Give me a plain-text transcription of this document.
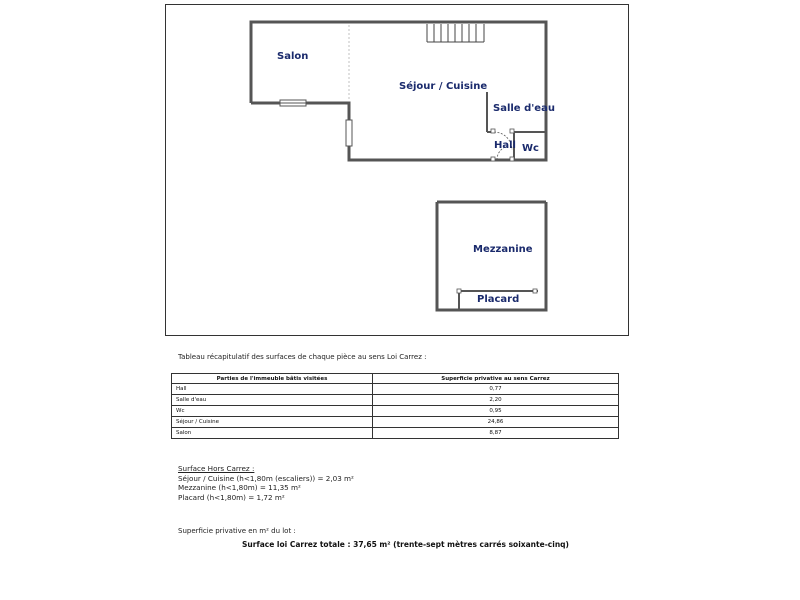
Salon
Séjour / Cuisine
Salle d'eau
Hall Wc
Mezzanine
Placard
Tableau récapitulatif des surfaces de chaque pièce au sens Loi Carrez :
Parties de l'immeuble bâtis visitées	Superficie privative au sens Carrez
Hall	0,77
Salle d'eau	2,20
Wc	0,95
Séjour / Cuisine	24,86
Salon	8,87
Surface Hors Carrez :
Séjour / Cuisine (h<1,80m (escaliers)) = 2,03 m²
Mezzanine (h<1,80m) = 11,35 m²
Placard (h<1,80m) = 1,72 m²
Superficie privative en m² du lot :
Surface loi Carrez totale : 37,65 m² (trente-sept mètres carrés soixante-cinq)
